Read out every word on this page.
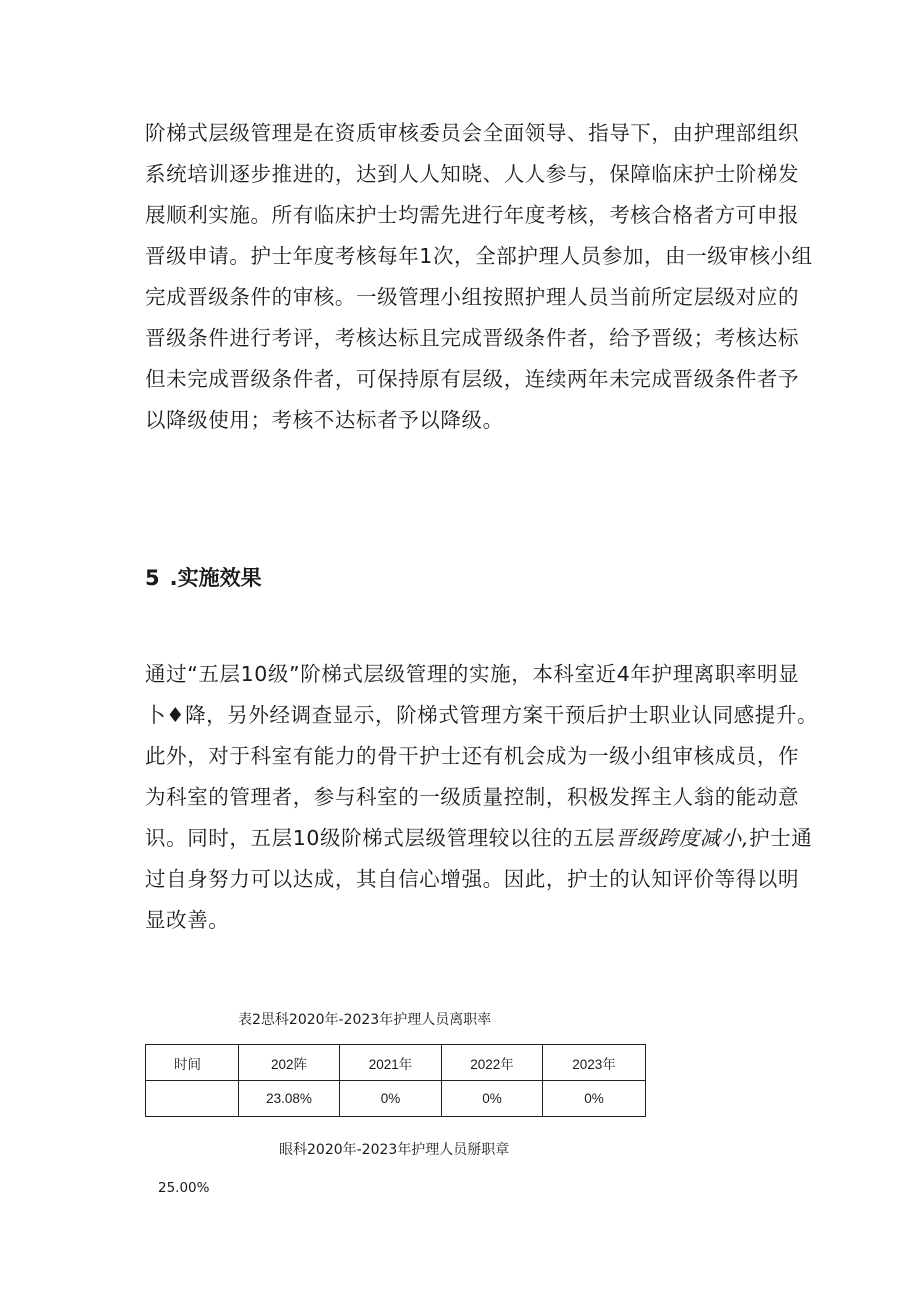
阶梯式层级管理是在资质审核委员会全面领导、指导下，由护理部组织
系统培训逐步推进的，达到人人知晓、人人参与，保障临床护士阶梯发
展顺利实施。所有临床护士均需先进行年度考核，考核合格者方可申报
晋级申请。护士年度考核每年1次，全部护理人员参加，由一级审核小组
完成晋级条件的审核。一级管理小组按照护理人员当前所定层级对应的
晋级条件进行考评，考核达标且完成晋级条件者，给予晋级；考核达标
但未完成晋级条件者，可保持原有层级，连续两年未完成晋级条件者予
以降级使用；考核不达标者予以降级。
5 .实施效果
通过“五层10级”阶梯式层级管理的实施，本科室近4年护理离职率明显
卜♦降，另外经调查显示，阶梯式管理方案干预后护士职业认同感提升。
此外，对于科室有能力的骨干护士还有机会成为一级小组审核成员，作
为科室的管理者，参与科室的一级质量控制，积极发挥主人翁的能动意
识。同时，五层10级阶梯式层级管理较以往的五层晋级跨度减小,护士通
过自身努力可以达成，其自信心增强。因此，护士的认知评价等得以明
显改善。

表2思科2020年-2023年护理人员离职率

时间	202阵	2021年	2022年	2023年
	23.08%	0%	0%	0%

眼科2020年-2023年护理人员掰职章

25.00%
